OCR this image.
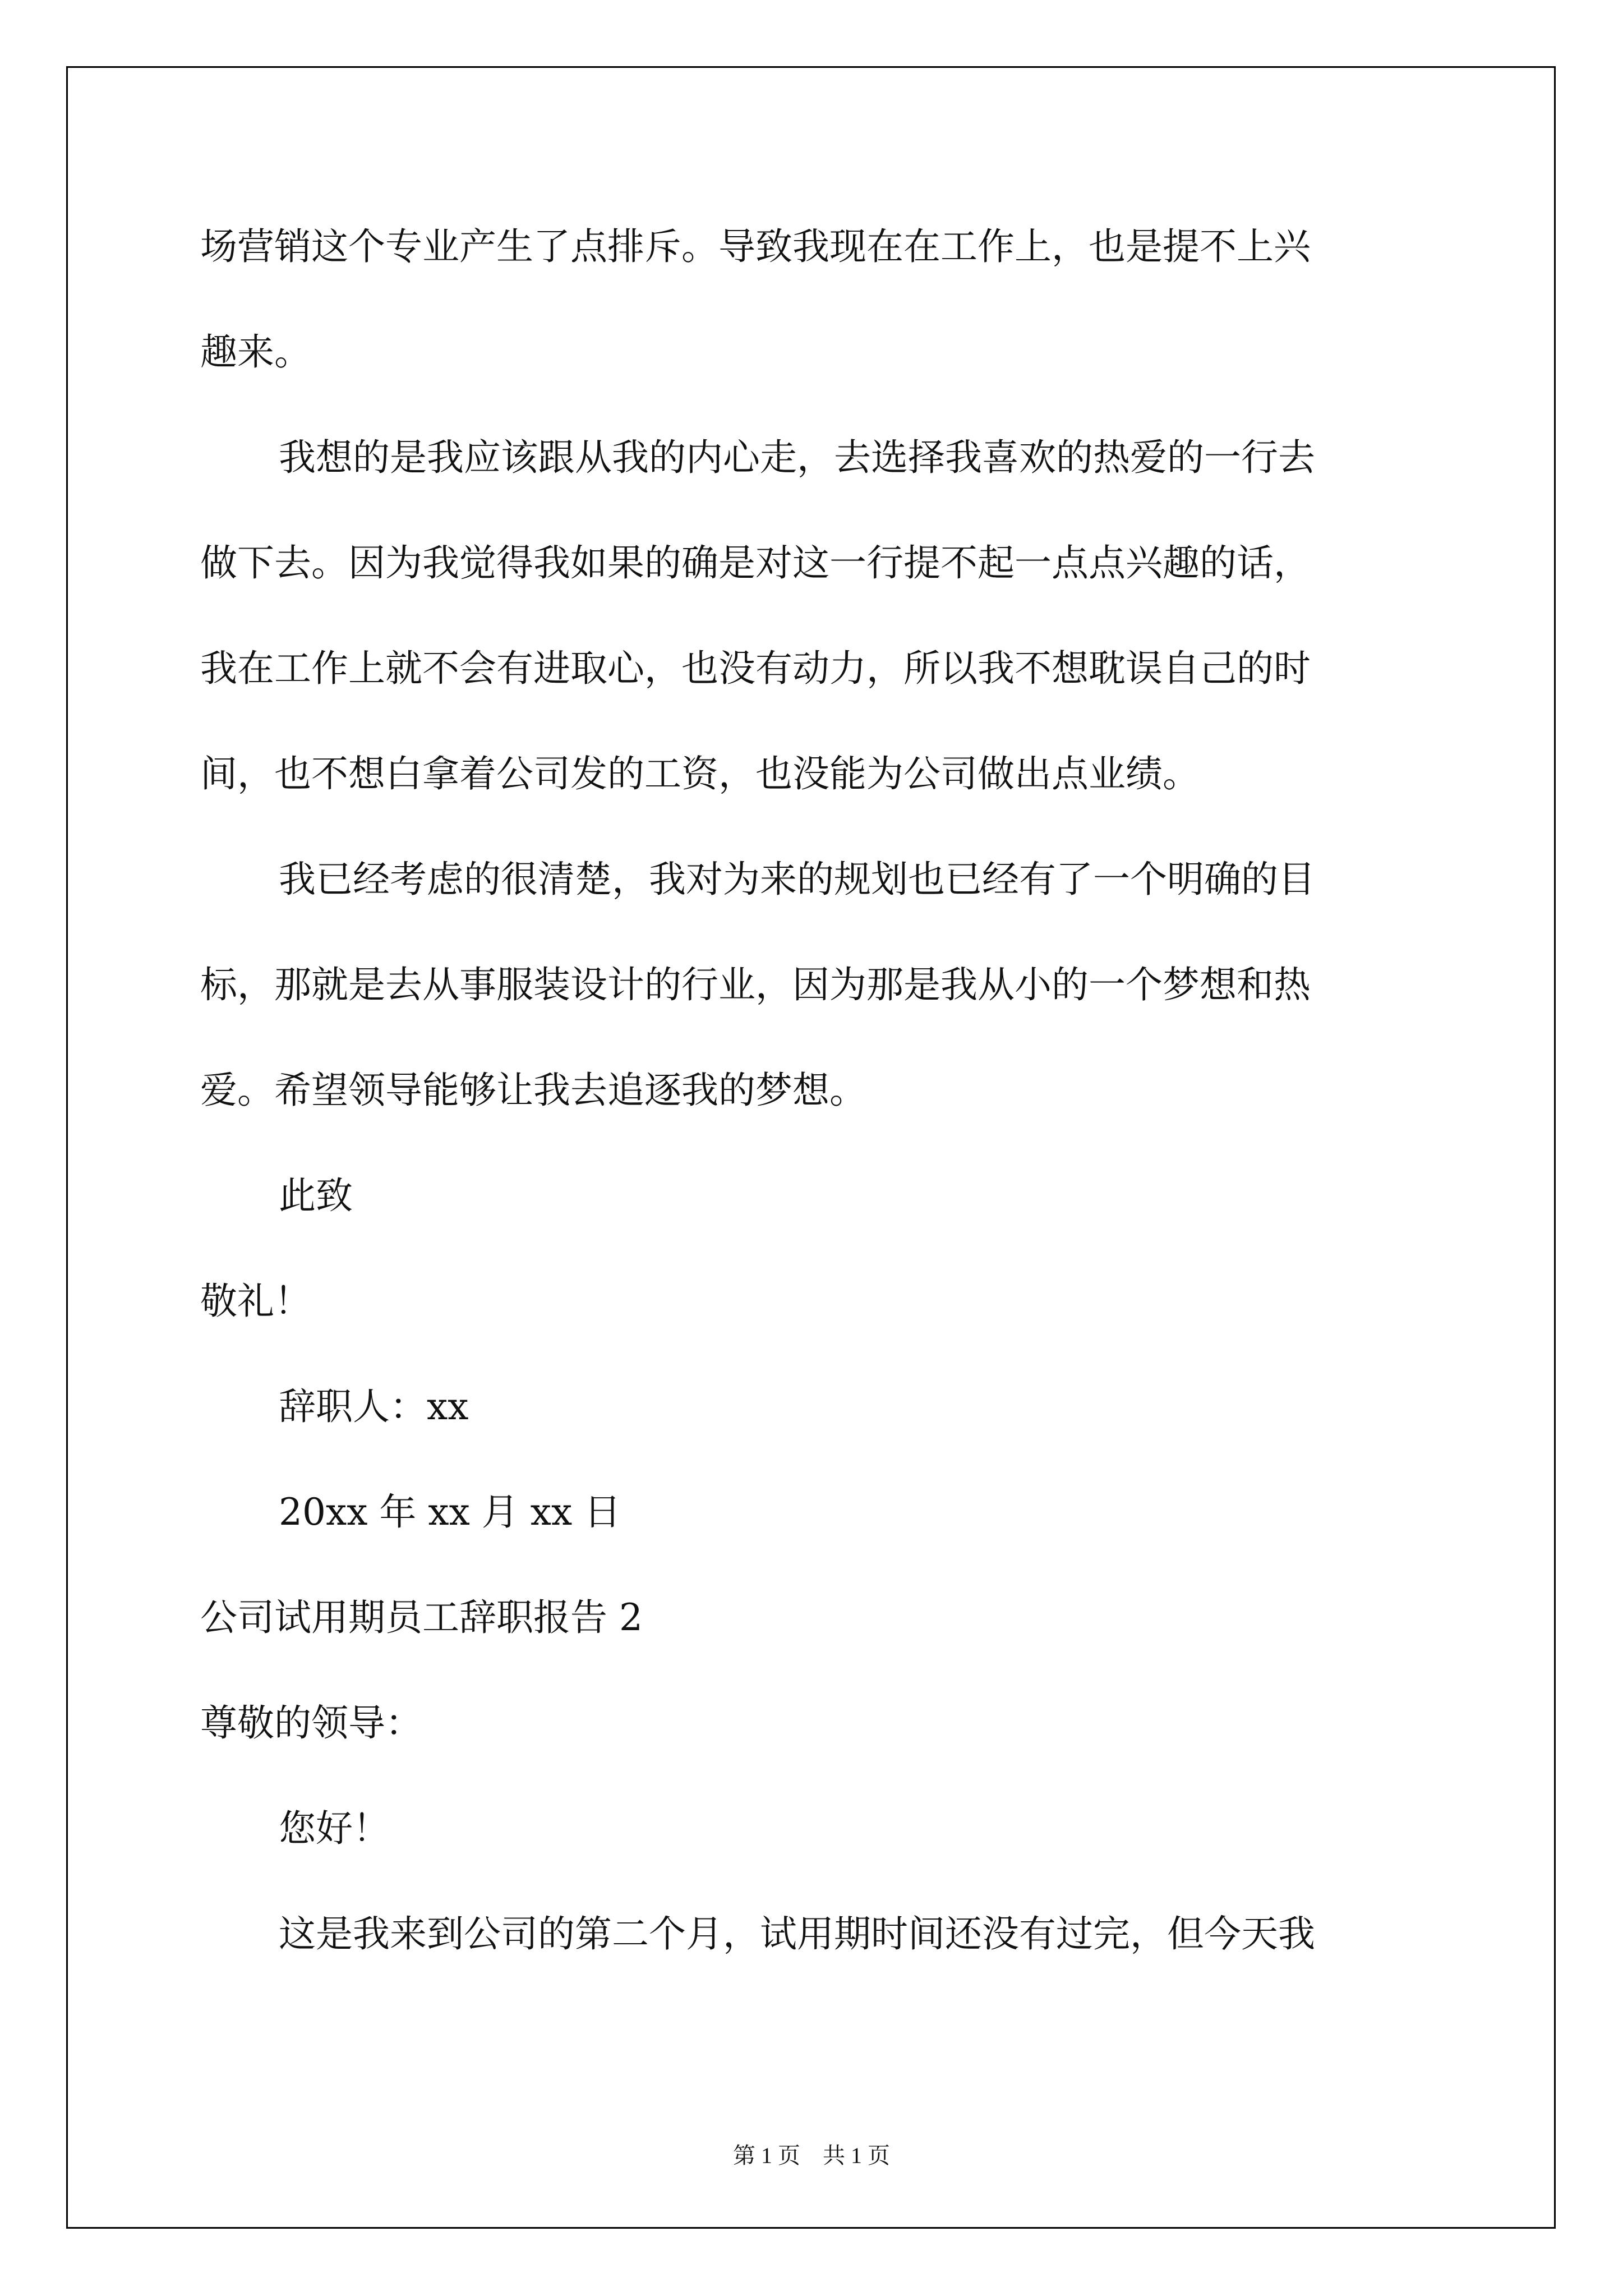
场营销这个专业产生了点排斥。导致我现在在工作上，也是提不上兴
趣来。
我想的是我应该跟从我的内心走，去选择我喜欢的热爱的一行去
做下去。因为我觉得我如果的确是对这一行提不起一点点兴趣的话，
我在工作上就不会有进取心，也没有动力，所以我不想耽误自己的时
间，也不想白拿着公司发的工资，也没能为公司做出点业绩。
我已经考虑的很清楚，我对为来的规划也已经有了一个明确的目
标，那就是去从事服装设计的行业，因为那是我从小的一个梦想和热
爱。希望领导能够让我去追逐我的梦想。
此致
敬礼！
辞职人：xx
20xx 年 xx 月 xx 日
公司试用期员工辞职报告 2
尊敬的领导：
您好！
这是我来到公司的第二个月，试用期时间还没有过完，但今天我
第 1 页    共 1 页
